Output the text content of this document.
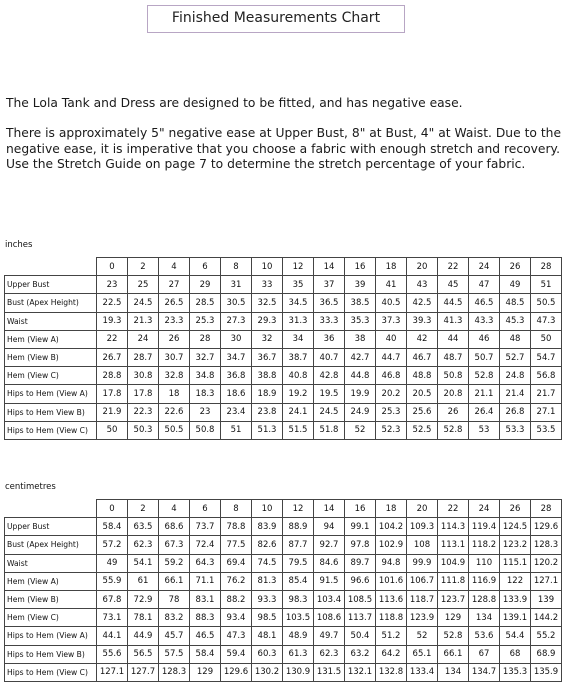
Finished Measurements Chart
The Lola Tank and Dress are designed to be fitted, and has negative ease.
There is approximately 5" negative ease at Upper Bust, 8" at Bust, 4" at Waist. Due to the negative ease, it is imperative that you choose a fabric with enough stretch and recovery. Use the Stretch Guide on page 7 to determine the stretch percentage of your fabric.
inches
	0	2	4	6	8	10	12	14	16	18	20	22	24	26	28
Upper Bust	23	25	27	29	31	33	35	37	39	41	43	45	47	49	51
Bust (Apex Height)	22.5	24.5	26.5	28.5	30.5	32.5	34.5	36.5	38.5	40.5	42.5	44.5	46.5	48.5	50.5
Waist	19.3	21.3	23.3	25.3	27.3	29.3	31.3	33.3	35.3	37.3	39.3	41.3	43.3	45.3	47.3
Hem (View A)	22	24	26	28	30	32	34	36	38	40	42	44	46	48	50
Hem (View B)	26.7	28.7	30.7	32.7	34.7	36.7	38.7	40.7	42.7	44.7	46.7	48.7	50.7	52.7	54.7
Hem (View C)	28.8	30.8	32.8	34.8	36.8	38.8	40.8	42.8	44.8	46.8	48.8	50.8	52.8	24.8	56.8
Hips to Hem (View A)	17.8	17.8	18	18.3	18.6	18.9	19.2	19.5	19.9	20.2	20.5	20.8	21.1	21.4	21.7
Hips to Hem View B)	21.9	22.3	22.6	23	23.4	23.8	24.1	24.5	24.9	25.3	25.6	26	26.4	26.8	27.1
Hips to Hem (View C)	50	50.3	50.5	50.8	51	51.3	51.5	51.8	52	52.3	52.5	52.8	53	53.3	53.5
centimetres
	0	2	4	6	8	10	12	14	16	18	20	22	24	26	28
Upper Bust	58.4	63.5	68.6	73.7	78.8	83.9	88.9	94	99.1	104.2	109.3	114.3	119.4	124.5	129.6
Bust (Apex Height)	57.2	62.3	67.3	72.4	77.5	82.6	87.7	92.7	97.8	102.9	108	113.1	118.2	123.2	128.3
Waist	49	54.1	59.2	64.3	69.4	74.5	79.5	84.6	89.7	94.8	99.9	104.9	110	115.1	120.2
Hem (View A)	55.9	61	66.1	71.1	76.2	81.3	85.4	91.5	96.6	101.6	106.7	111.8	116.9	122	127.1
Hem (View B)	67.8	72.9	78	83.1	88.2	93.3	98.3	103.4	108.5	113.6	118.7	123.7	128.8	133.9	139
Hem (View C)	73.1	78.1	83.2	88.3	93.4	98.5	103.5	108.6	113.7	118.8	123.9	129	134	139.1	144.2
Hips to Hem (View A)	44.1	44.9	45.7	46.5	47.3	48.1	48.9	49.7	50.4	51.2	52	52.8	53.6	54.4	55.2
Hips to Hem View B)	55.6	56.5	57.5	58.4	59.4	60.3	61.3	62.3	63.2	64.2	65.1	66.1	67	68	68.9
Hips to Hem (View C)	127.1	127.7	128.3	129	129.6	130.2	130.9	131.5	132.1	132.8	133.4	134	134.7	135.3	135.9
